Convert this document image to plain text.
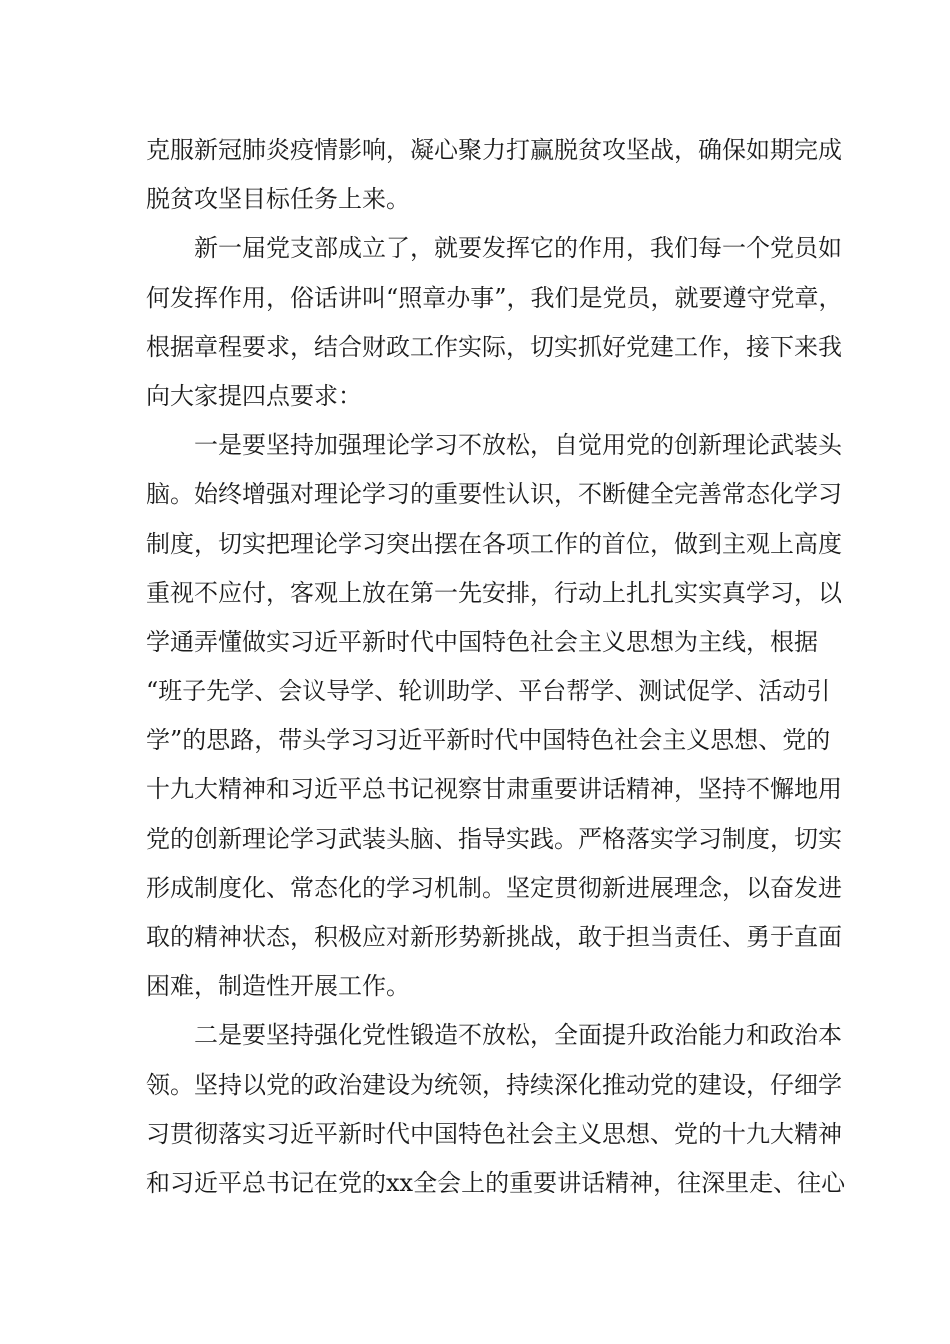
克服新冠肺炎疫情影响，凝心聚力打赢脱贫攻坚战，确保如期完成
脱贫攻坚目标任务上来。
　　新一届党支部成立了，就要发挥它的作用，我们每一个党员如
何发挥作用，俗话讲叫“照章办事”，我们是党员，就要遵守党章，
根据章程要求，结合财政工作实际，切实抓好党建工作，接下来我
向大家提四点要求：
　　一是要坚持加强理论学习不放松，自觉用党的创新理论武装头
脑。始终增强对理论学习的重要性认识，不断健全完善常态化学习
制度，切实把理论学习突出摆在各项工作的首位，做到主观上高度
重视不应付，客观上放在第一先安排，行动上扎扎实实真学习，以
学通弄懂做实习近平新时代中国特色社会主义思想为主线，根据
“班子先学、会议导学、轮训助学、平台帮学、测试促学、活动引
学”的思路，带头学习习近平新时代中国特色社会主义思想、党的
十九大精神和习近平总书记视察甘肃重要讲话精神，坚持不懈地用
党的创新理论学习武装头脑、指导实践。严格落实学习制度，切实
形成制度化、常态化的学习机制。坚定贯彻新进展理念，以奋发进
取的精神状态，积极应对新形势新挑战，敢于担当责任、勇于直面
困难，制造性开展工作。
　　二是要坚持强化党性锻造不放松，全面提升政治能力和政治本
领。坚持以党的政治建设为统领，持续深化推动党的建设，仔细学
习贯彻落实习近平新时代中国特色社会主义思想、党的十九大精神
和习近平总书记在党的xx全会上的重要讲话精神，往深里走、往心
